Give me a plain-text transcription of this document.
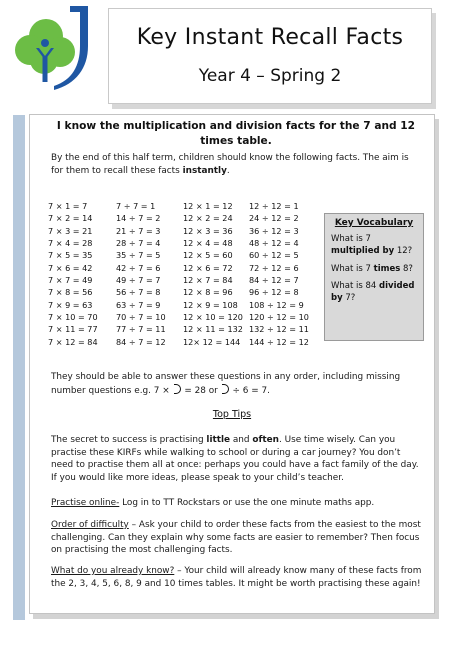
Key Instant Recall Facts
Year 4 – Spring 2
I know the multiplication and division facts for the 7 and 12 times table.
By the end of this half term, children should know the following facts. The aim is for them to recall these facts instantly.
7 × 1 = 7
7 × 2 = 14
7 × 3 = 21
7 × 4 = 28
7 × 5 = 35
7 × 6 = 42
7 × 7 = 49
7 × 8 = 56
7 × 9 = 63
7 × 10 = 70
7 × 11 = 77
7 × 12 = 84
7 ÷ 7 = 1
14 ÷ 7 = 2
21 ÷ 7 = 3
28 ÷ 7 = 4
35 ÷ 7 = 5
42 ÷ 7 = 6
49 ÷ 7 = 7
56 ÷ 7 = 8
63 ÷ 7 = 9
70 ÷ 7 = 10
77 ÷ 7 = 11
84 ÷ 7 = 12
12 × 1 = 12
12 × 2 = 24
12 × 3 = 36
12 × 4 = 48
12 × 5 = 60
12 × 6 = 72
12 × 7 = 84
12 × 8 = 96
12 × 9 = 108
12 × 10 = 120
12 × 11 = 132
12× 12 = 144
12 ÷ 12 = 1
24 ÷ 12 = 2
36 ÷ 12 = 3
48 ÷ 12 = 4
60 ÷ 12 = 5
72 ÷ 12 = 6
84 ÷ 12 = 7
96 ÷ 12 = 8
108 ÷ 12 = 9
120 ÷ 12 = 10
132 ÷ 12 = 11
144 ÷ 12 = 12
Key Vocabulary
What is 7 multiplied by 12?
What is 7 times 8?
What is 84 divided by 7?
They should be able to answer these questions in any order, including missing number questions e.g. 7 × = 28 or ÷ 6 = 7.
Top Tips
The secret to success is practising little and often. Use time wisely. Can you practise these KIRFs while walking to school or during a car journey? You don’t need to practise them all at once: perhaps you could have a fact family of the day. If you would like more ideas, please speak to your child’s teacher.
Practise online- Log in to TT Rockstars or use the one minute maths app.
Order of difficulty – Ask your child to order these facts from the easiest to the most challenging. Can they explain why some facts are easier to remember? Then focus on practising the most challenging facts.
What do you already know? – Your child will already know many of these facts from the 2, 3, 4, 5, 6, 8, 9 and 10 times tables. It might be worth practising these again!
